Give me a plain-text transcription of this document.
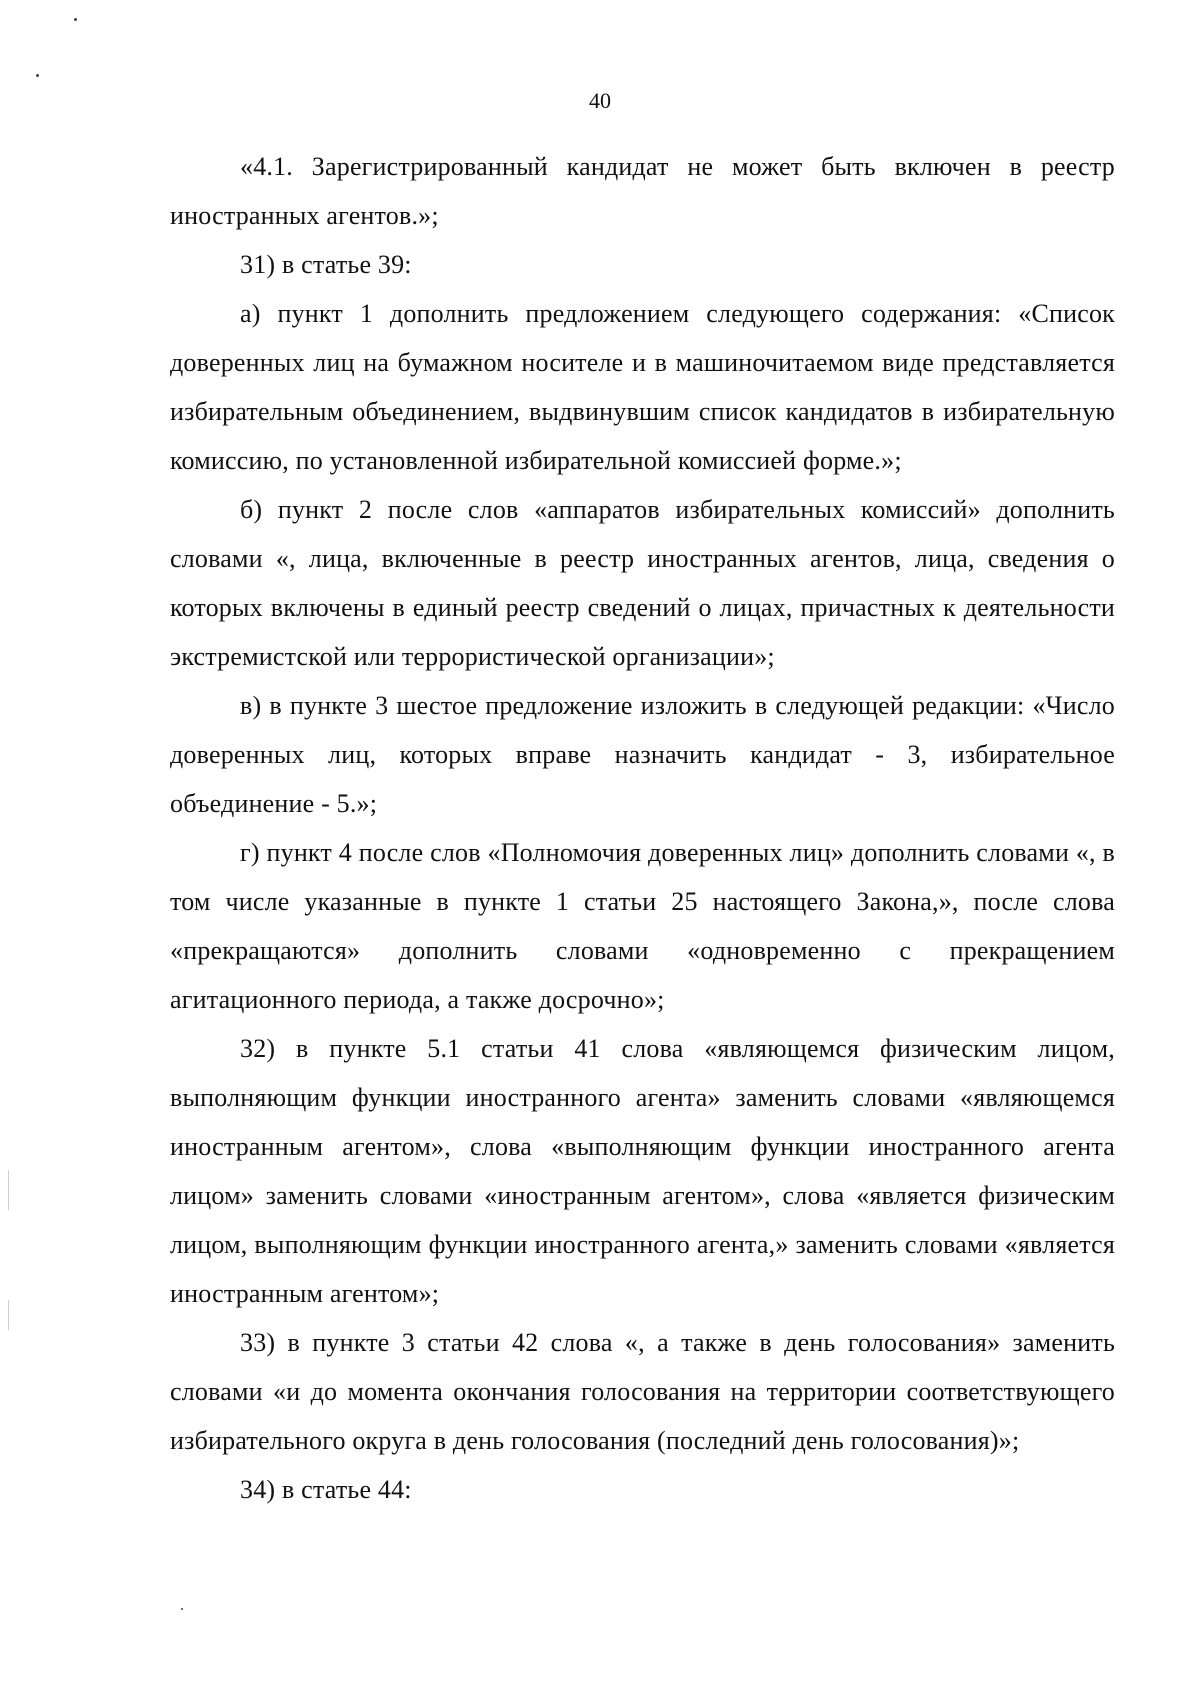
40

«4.1. Зарегистрированный кандидат не может быть включен в реестр иностранных агентов.»;

31) в статье 39:

а) пункт 1 дополнить предложением следующего содержания: «Список доверенных лиц на бумажном носителе и в машиночитаемом виде представляется избирательным объединением, выдвинувшим список кандидатов в избирательную комиссию, по установленной избирательной комиссией форме.»;

б) пункт 2 после слов «аппаратов избирательных комиссий» дополнить словами «, лица, включенные в реестр иностранных агентов, лица, сведения о которых включены в единый реестр сведений о лицах, причастных к деятельности экстремистской или террористической организации»;

в) в пункте 3 шестое предложение изложить в следующей редакции: «Число доверенных лиц, которых вправе назначить кандидат - 3, избирательное объединение - 5.»;

г) пункт 4 после слов «Полномочия доверенных лиц» дополнить словами «, в том числе указанные в пункте 1 статьи 25 настоящего Закона,», после слова «прекращаются» дополнить словами «одновременно с прекращением агитационного периода, а также досрочно»;

32) в пункте 5.1 статьи 41 слова «являющемся физическим лицом, выполняющим функции иностранного агента» заменить словами «являющемся иностранным агентом», слова «выполняющим функции иностранного агента лицом» заменить словами «иностранным агентом», слова «является физическим лицом, выполняющим функции иностранного агента,» заменить словами «является иностранным агентом»;

33) в пункте 3 статьи 42 слова «, а также в день голосования» заменить словами «и до момента окончания голосования на территории соответствующего избирательного округа в день голосования (последний день голосования)»;

34) в статье 44:
